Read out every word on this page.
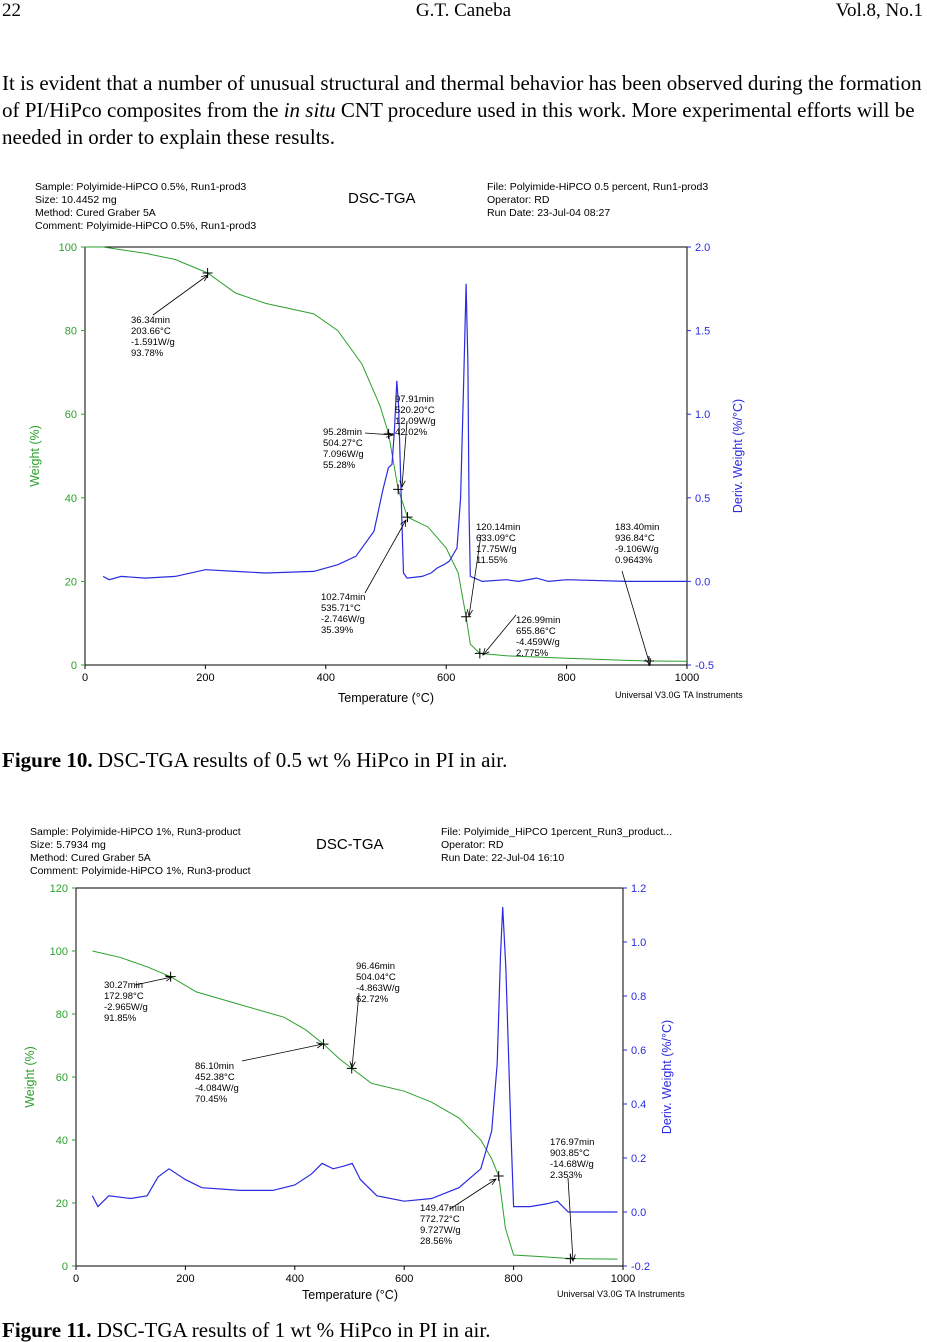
22	G.T. Caneba	Vol.8, No.1

It is evident that a number of unusual structural and thermal behavior has been observed during the formation of PI/HiPco composites from the in situ CNT procedure used in this work. More experimental efforts will be needed in order to explain these results.

Sample: Polyimide-HiPCO 0.5%, Run1-prod3
Size: 10.4452 mg
Method: Cured Graber 5A
Comment: Polyimide-HiPCO 0.5%, Run1-prod3
DSC-TGA
File: Polyimide-HiPCO 0.5 percent, Run1-prod3
Operator: RD
Run Date: 23-Jul-04 08:27
0	200	400	600	800	1000
0
20
40
60
80
100
-0.5
0.0
0.5
1.0
1.5
2.0
Temperature (°C)
Weight (%)	Deriv. Weight (%/°C)
Universal V3.0G TA Instruments
36.34min 203.66°C -1.591W/g 93.78%
97.91min 520.20°C 12.09W/g 42.02%
95.28min 504.27°C 7.096W/g 55.28%
120.14min 633.09°C 17.75W/g 11.55%
183.40min 936.84°C -9.106W/g 0.9643%
102.74min 535.71°C -2.746W/g 35.39%
126.99min 655.86°C -4.459W/g 2.775%
Figure 10. DSC-TGA results of 0.5 wt % HiPco in PI in air.
Sample: Polyimide-HiPCO 1%, Run3-product
Size: 5.7934 mg
Method: Cured Graber 5A
Comment: Polyimide-HiPCO 1%, Run3-product
DSC-TGA
File: Polyimide_HiPCO 1percent_Run3_product...
Operator: RD
Run Date: 22-Jul-04 16:10
0	200	400	600	800	1000
0
20
40
60
80
100
120
-0.2
0.0
0.2
0.4
0.6
0.8
1.0
1.2
Temperature (°C)
Weight (%)	Deriv. Weight (%/°C)
Universal V3.0G TA Instruments
30.27min 172.98°C -2.965W/g 91.85%
96.46min 504.04°C -4.863W/g 62.72%
86.10min 452.38°C -4.084W/g 70.45%
176.97min 903.85°C -14.68W/g 2.353%
149.47min 772.72°C 9.727W/g 28.56%
Figure 11. DSC-TGA results of 1 wt % HiPco in PI in air.
